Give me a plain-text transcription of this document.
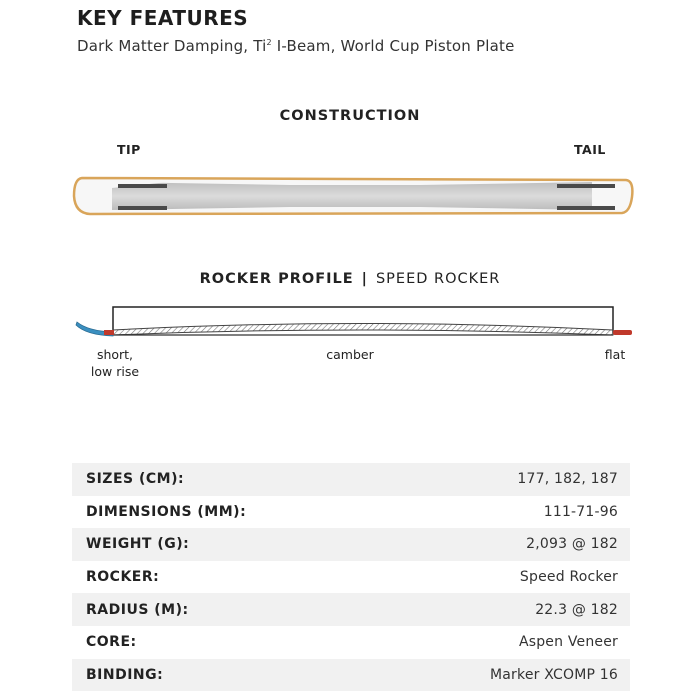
KEY FEATURES
Dark Matter Damping, Ti$^2$ I-Beam, World Cup Piston Plate
CONSTRUCTION
TIP	TAIL
ROCKER PROFILE | SPEED ROCKER
short,
low rise
camber	flat
SIZES (CM):	177, 182, 187
DIMENSIONS (MM):	111-71-96
WEIGHT (G):	2,093 @ 182
ROCKER:	Speed Rocker
RADIUS (M):	22.3 @ 182
CORE:	Aspen Veneer
BINDING:	Marker XCOMP 16
